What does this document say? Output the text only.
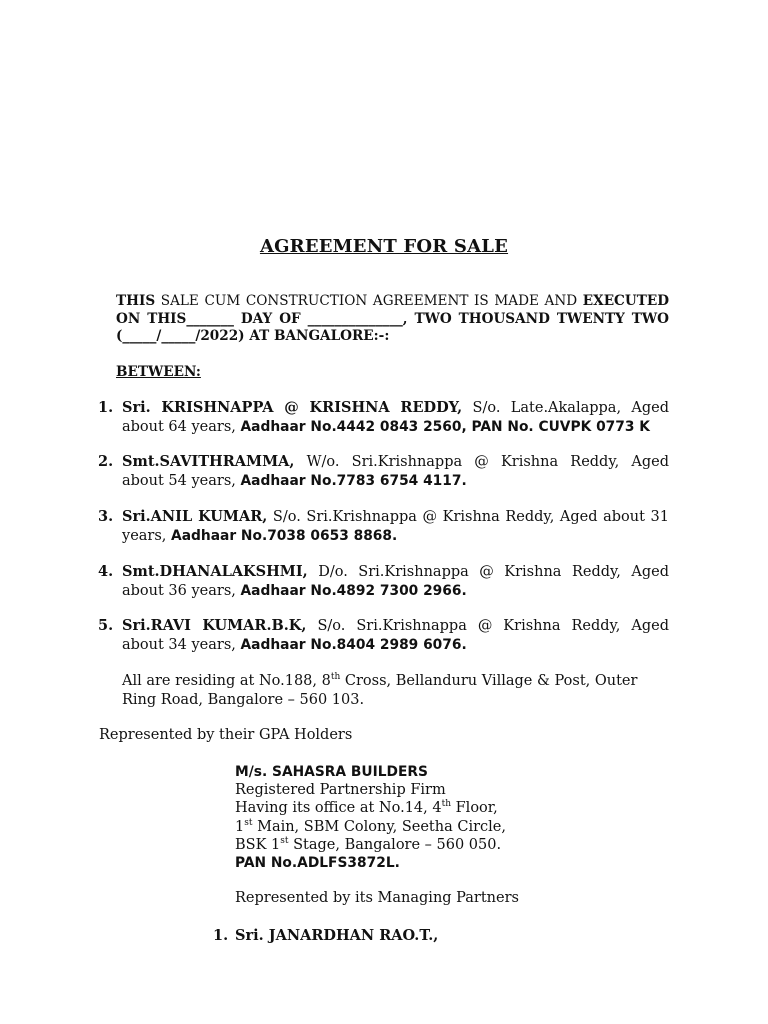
AGREEMENT FOR SALE
THIS SALE CUM CONSTRUCTION AGREEMENT IS MADE AND EXECUTED ON THIS_______ DAY OF ______________, TWO THOUSAND TWENTY TWO (_____/_____/2022) AT BANGALORE:-:
BETWEEN:
1. Sri. KRISHNAPPA @ KRISHNA REDDY, S/o. Late.Akalappa, Aged about 64 years, Aadhaar No.4442 0843 2560, PAN No. CUVPK 0773 K
2. Smt.SAVITHRAMMA, W/o. Sri.Krishnappa @ Krishna Reddy, Aged about 54 years, Aadhaar No.7783 6754 4117.
3. Sri.ANIL KUMAR, S/o. Sri.Krishnappa @ Krishna Reddy, Aged about 31 years, Aadhaar No.7038 0653 8868.
4. Smt.DHANALAKSHMI, D/o. Sri.Krishnappa @ Krishna Reddy, Aged about 36 years, Aadhaar No.4892 7300 2966.
5. Sri.RAVI KUMAR.B.K, S/o. Sri.Krishnappa @ Krishna Reddy, Aged about 34 years, Aadhaar No.8404 2989 6076.
All are residing at No.188, 8th Cross, Bellanduru Village & Post, Outer Ring Road, Bangalore – 560 103.
Represented by their GPA Holders
M/s. SAHASRA BUILDERS
Registered Partnership Firm
Having its office at No.14, 4th Floor,
1st Main, SBM Colony, Seetha Circle,
BSK 1st Stage, Bangalore – 560 050.
PAN No.ADLFS3872L.
Represented by its Managing Partners
1. Sri. JANARDHAN RAO.T.,
